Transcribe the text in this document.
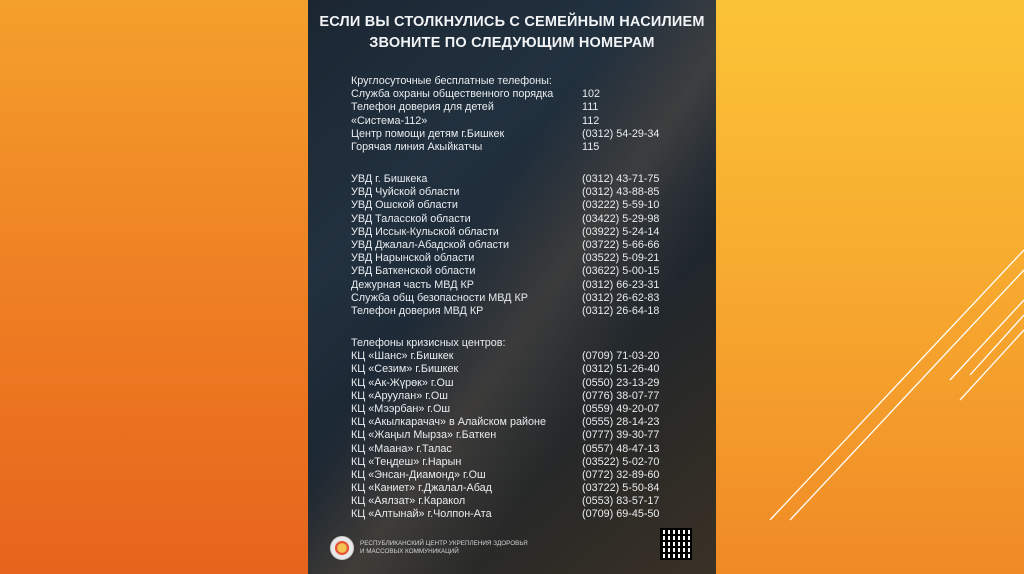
ЕСЛИ ВЫ СТОЛКНУЛИСЬ С СЕМЕЙНЫМ НАСИЛИЕМ
ЗВОНИТЕ ПО СЛЕДУЮЩИМ НОМЕРАМ
Круглосуточные бесплатные телефоны:
Служба охраны общественного порядка	102
Телефон доверия для детей	111
«Система-112»	112
Центр помощи детям г.Бишкек	(0312) 54-29-34
Горячая линия Акыйкатчы	115
УВД г. Бишкека	(0312) 43-71-75
УВД Чуйской области	(0312) 43-88-85
УВД Ошской области	(03222) 5-59-10
УВД Таласской области	(03422) 5-29-98
УВД Иссык-Кульской области	(03922) 5-24-14
УВД Джалал-Абадской области	(03722) 5-66-66
УВД Нарынской области	(03522) 5-09-21
УВД Баткенской области	(03622) 5-00-15
Дежурная часть МВД КР	(0312) 66-23-31
Служба общ безопасности МВД КР	(0312) 26-62-83
Телефон доверия МВД КР	(0312) 26-64-18
Телефоны кризисных центров:
КЦ «Шанс» г.Бишкек	(0709) 71-03-20
КЦ «Сезим» г.Бишкек	(0312) 51-26-40
КЦ «Ак-Жүрөк» г.Ош	(0550) 23-13-29
КЦ «Аруулан» г.Ош	(0776) 38-07-77
КЦ «Мээрбан» г.Ош	(0559) 49-20-07
КЦ «Акылкарачач» в Алайском районе	(0555) 28-14-23
КЦ «Жаңыл Мырза» г.Баткен	(0777) 39-30-77
КЦ «Маана» г.Талас	(0557) 48-47-13
КЦ «Теңдеш» г.Нарын	(03522) 5-02-70
КЦ «Энсан-Диамонд» г.Ош	(0772) 32-89-60
КЦ «Каниет» г.Джалал-Абад	(03722) 5-50-84
КЦ «Аялзат» г.Каракол	(0553) 83-57-17
КЦ «Алтынай» г.Чолпон-Ата	(0709) 69-45-50
РЕСПУБЛИКАНСКИЙ ЦЕНТР УКРЕПЛЕНИЯ ЗДОРОВЬЯ
И МАССОВЫХ КОММУНИКАЦИЙ
